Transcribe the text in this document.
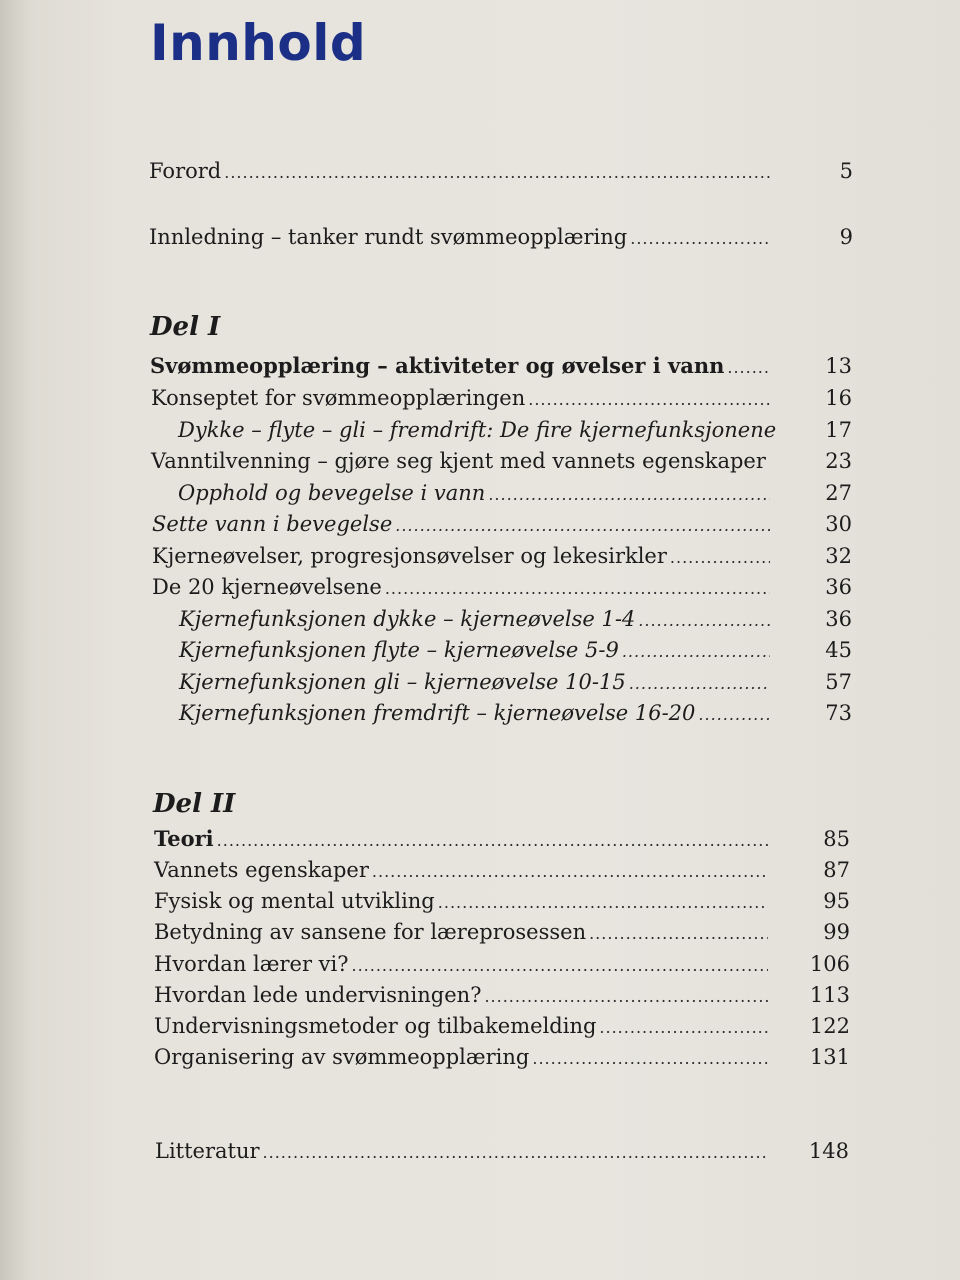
Innhold
Forord .....	5
Innledning – tanker rundt svømmeopplæring .....	9
Del I
Svømmeopplæring – aktiviteter og øvelser i vann .....	13
Konseptet for svømmeopplæringen .....	16
Dykke – flyte – gli – fremdrift: De fire kjernefunksjonene	17
Vanntilvenning – gjøre seg kjent med vannets egenskaper .....	23
Opphold og bevegelse i vann .....	27
Sette vann i bevegelse .....	30
Kjerneøvelser, progresjonsøvelser og lekesirkler .....	32
De 20 kjerneøvelsene .....	36
Kjernefunksjonen dykke – kjerneøvelse 1-4 .....	36
Kjernefunksjonen flyte – kjerneøvelse 5-9 .....	45
Kjernefunksjonen gli – kjerneøvelse 10-15 .....	57
Kjernefunksjonen fremdrift – kjerneøvelse 16-20 .....	73
Del II
Teori .....	85
Vannets egenskaper .....	87
Fysisk og mental utvikling .....	95
Betydning av sansene for læreprosessen .....	99
Hvordan lærer vi? .....	106
Hvordan lede undervisningen? .....	113
Undervisningsmetoder og tilbakemelding .....	122
Organisering av svømmeopplæring .....	131
Litteratur .....	148
